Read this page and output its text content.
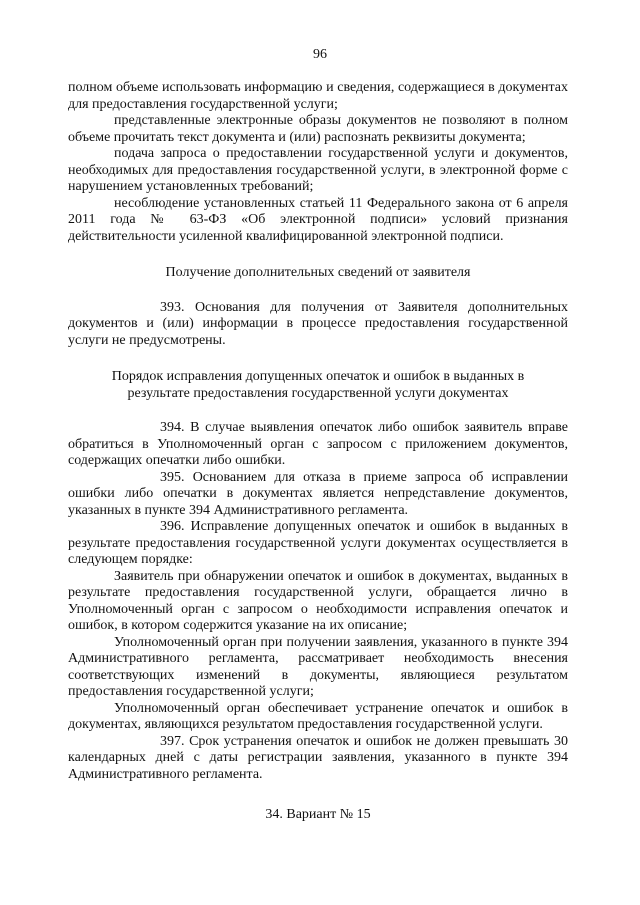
96

полном объеме использовать информацию и сведения, содержащиеся в документах для предоставления государственной услуги;

представленные электронные образы документов не позволяют в полном объеме прочитать текст документа и (или) распознать реквизиты документа;

подача запроса о предоставлении государственной услуги и документов, необходимых для предоставления государственной услуги, в электронной форме с нарушением установленных требований;

несоблюдение установленных статьей 11 Федерального закона от 6 апреля 2011 года № 63-ФЗ «Об электронной подписи» условий признания действительности усиленной квалифицированной электронной подписи.

Получение дополнительных сведений от заявителя

393. Основания для получения от Заявителя дополнительных документов и (или) информации в процессе предоставления государственной услуги не предусмотрены.

Порядок исправления допущенных опечаток и ошибок в выданных в
результате предоставления государственной услуги документах

394. В случае выявления опечаток либо ошибок заявитель вправе обратиться в Уполномоченный орган с запросом с приложением документов, содержащих опечатки либо ошибки.

395. Основанием для отказа в приеме запроса об исправлении ошибки либо опечатки в документах является непредставление документов, указанных в пункте 394 Административного регламента.

396. Исправление допущенных опечаток и ошибок в выданных в результате предоставления государственной услуги документах осуществляется в следующем порядке:

Заявитель при обнаружении опечаток и ошибок в документах, выданных в результате предоставления государственной услуги, обращается лично в Уполномоченный орган с запросом о необходимости исправления опечаток и ошибок, в котором содержится указание на их описание;

Уполномоченный орган при получении заявления, указанного в пункте 394 Административного регламента, рассматривает необходимость внесения соответствующих изменений в документы, являющиеся результатом предоставления государственной услуги;

Уполномоченный орган обеспечивает устранение опечаток и ошибок в документах, являющихся результатом предоставления государственной услуги.

397. Срок устранения опечаток и ошибок не должен превышать 30 календарных дней с даты регистрации заявления, указанного в пункте 394 Административного регламента.

34. Вариант № 15
